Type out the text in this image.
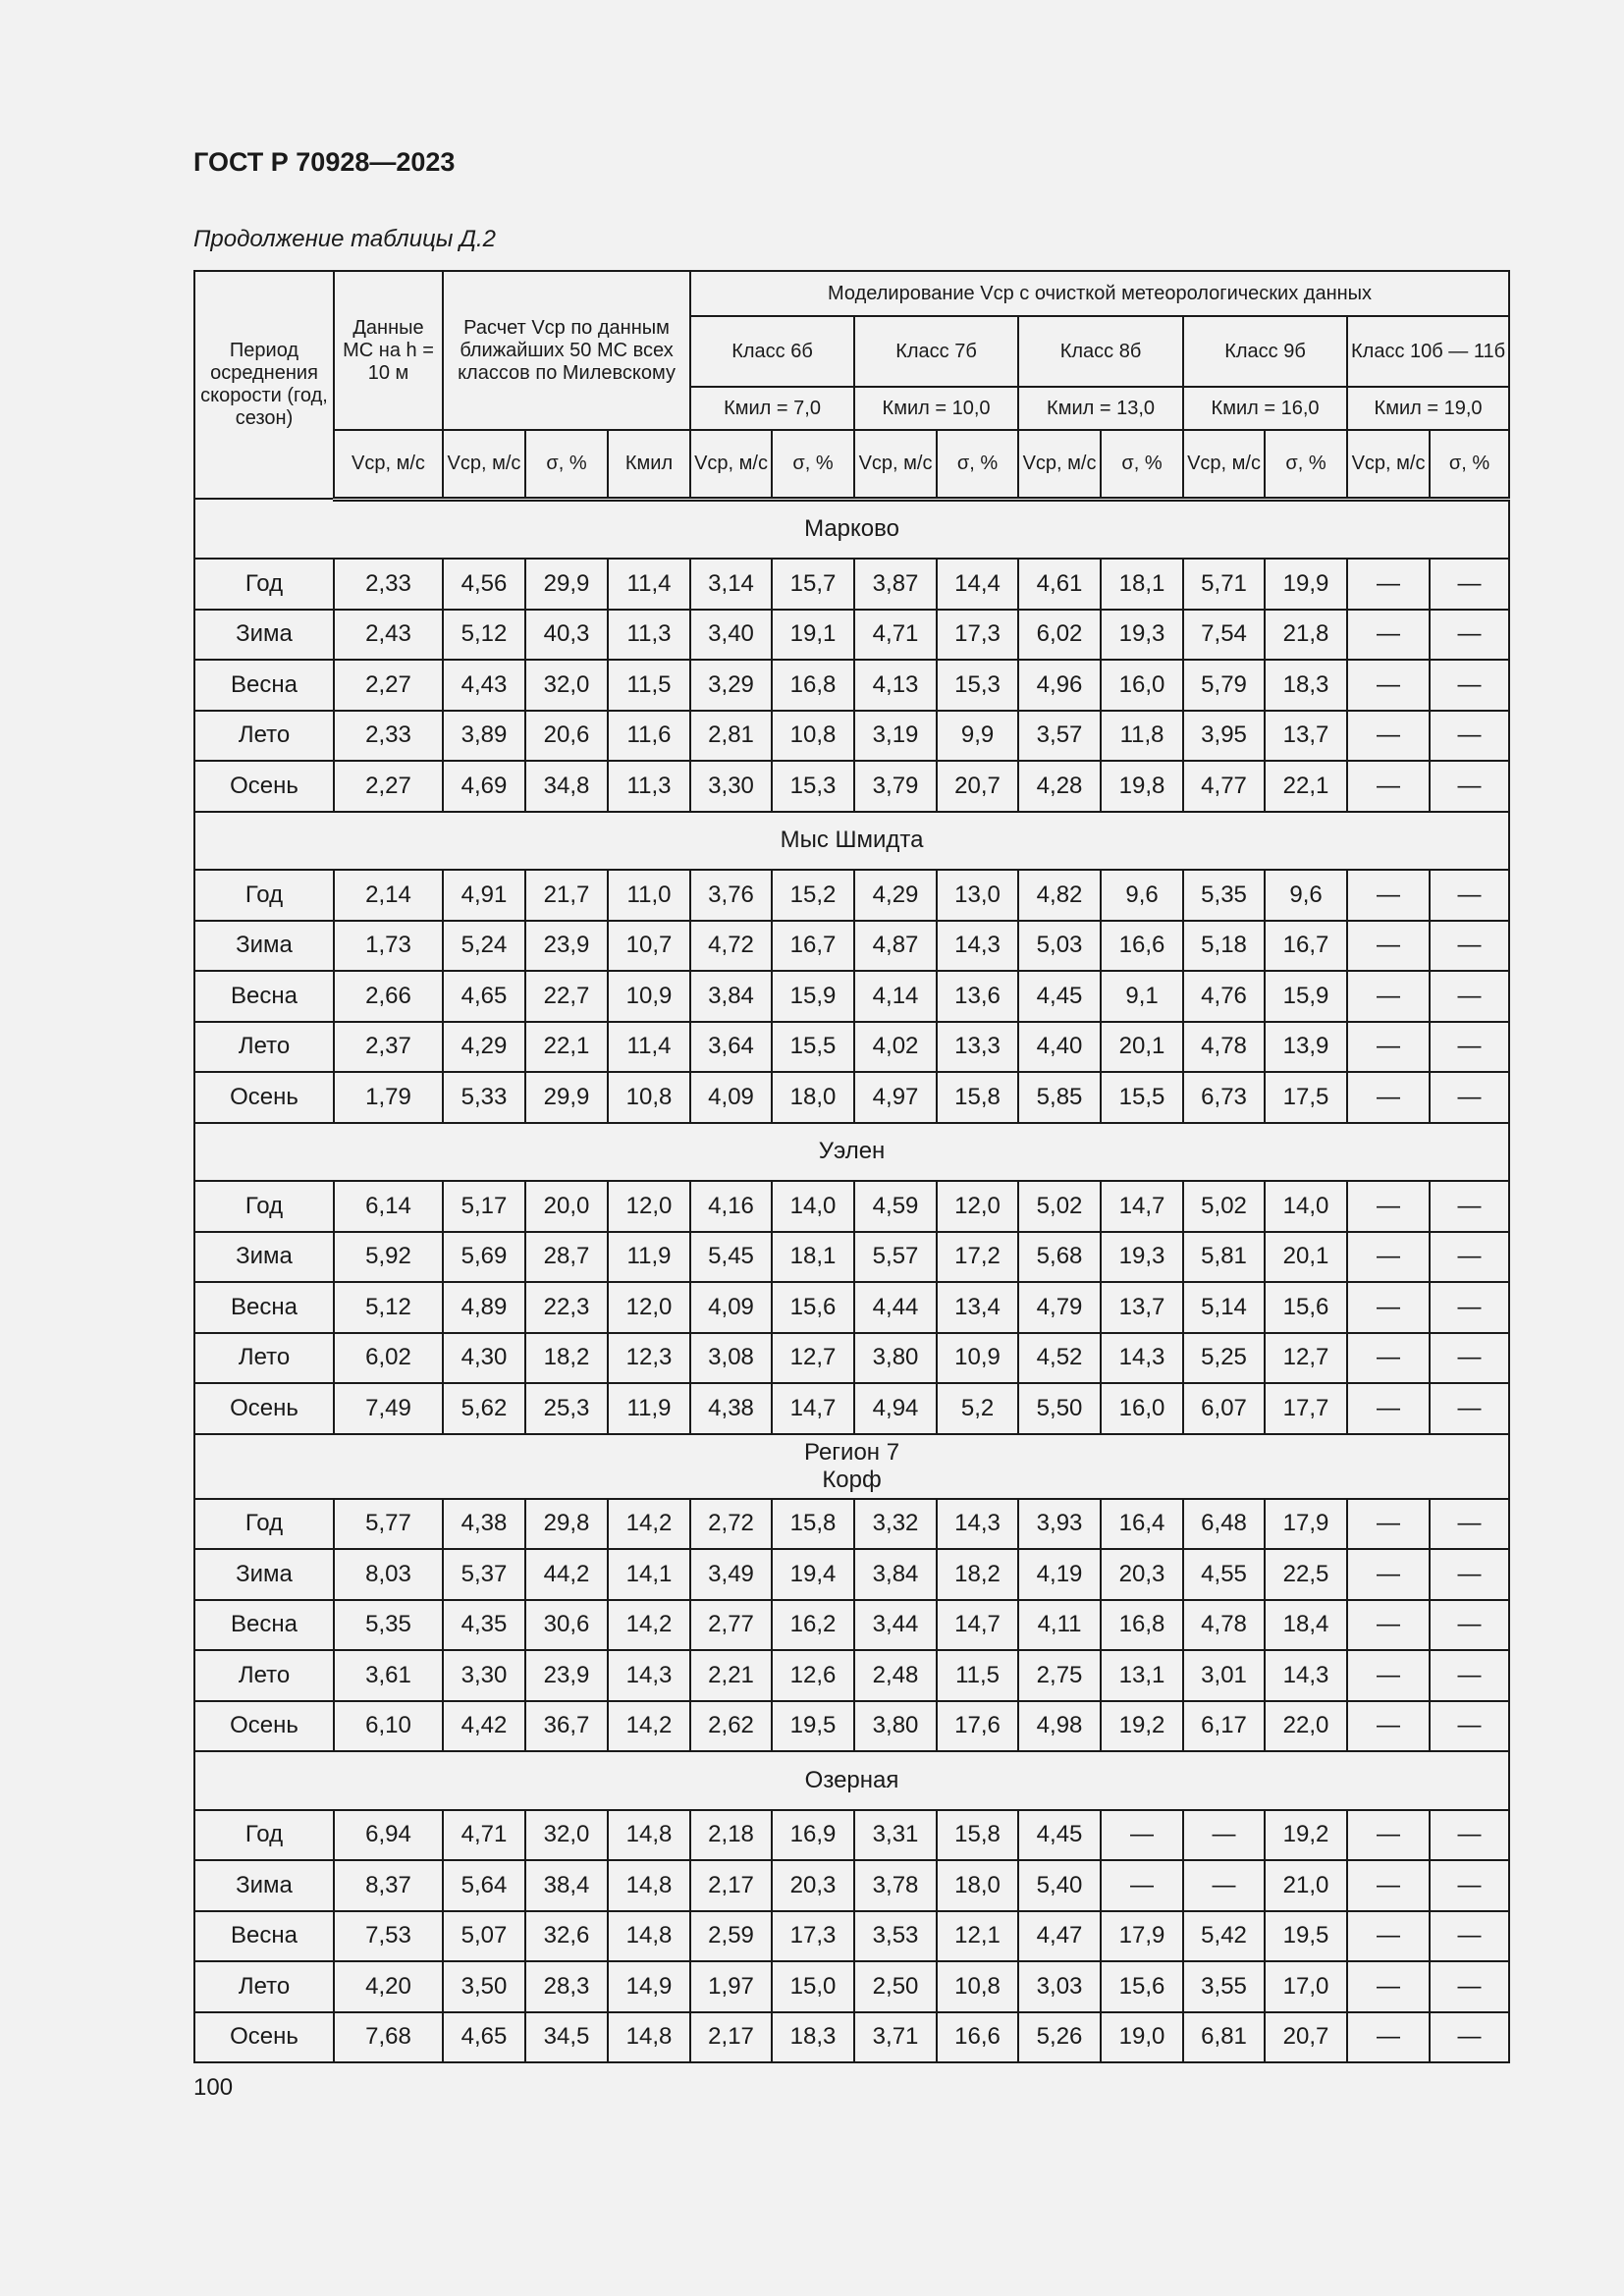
ГОСТ Р 70928—2023
Продолжение таблицы Д.2
Период осреднения скорости (год, сезон)	Данные МС на h = 10 м	Расчет Vср по данным ближайших 50 МС всех классов по Милевскому			Моделирование Vср с очисткой метеорологических данных									
					Класс 6б		Класс 7б		Класс 8б		Класс 9б		Класс 10б — 11б	
					Кмил = 7,0		Кмил = 10,0		Кмил = 13,0		Кмил = 16,0		Кмил = 19,0	
	Vср, м/с	Vср, м/с	σ, %	Кмил	Vср, м/с	σ, %	Vср, м/с	σ, %	Vср, м/с	σ, %	Vср, м/с	σ, %	Vср, м/с	σ, %

Марково														

Год	2,33	4,56	29,9	11,4	3,14	15,7	3,87	14,4	4,61	18,1	5,71	19,9	—	—
Зима	2,43	5,12	40,3	11,3	3,40	19,1	4,71	17,3	6,02	19,3	7,54	21,8	—	—
Весна	2,27	4,43	32,0	11,5	3,29	16,8	4,13	15,3	4,96	16,0	5,79	18,3	—	—
Лето	2,33	3,89	20,6	11,6	2,81	10,8	3,19	9,9	3,57	11,8	3,95	13,7	—	—
Осень	2,27	4,69	34,8	11,3	3,30	15,3	3,79	20,7	4,28	19,8	4,77	22,1	—	—

Мыс Шмидта														

Год	2,14	4,91	21,7	11,0	3,76	15,2	4,29	13,0	4,82	9,6	5,35	9,6	—	—
Зима	1,73	5,24	23,9	10,7	4,72	16,7	4,87	14,3	5,03	16,6	5,18	16,7	—	—
Весна	2,66	4,65	22,7	10,9	3,84	15,9	4,14	13,6	4,45	9,1	4,76	15,9	—	—
Лето	2,37	4,29	22,1	11,4	3,64	15,5	4,02	13,3	4,40	20,1	4,78	13,9	—	—
Осень	1,79	5,33	29,9	10,8	4,09	18,0	4,97	15,8	5,85	15,5	6,73	17,5	—	—

Уэлен														

Год	6,14	5,17	20,0	12,0	4,16	14,0	4,59	12,0	5,02	14,7	5,02	14,0	—	—
Зима	5,92	5,69	28,7	11,9	5,45	18,1	5,57	17,2	5,68	19,3	5,81	20,1	—	—
Весна	5,12	4,89	22,3	12,0	4,09	15,6	4,44	13,4	4,79	13,7	5,14	15,6	—	—
Лето	6,02	4,30	18,2	12,3	3,08	12,7	3,80	10,9	4,52	14,3	5,25	12,7	—	—
Осень	7,49	5,62	25,3	11,9	4,38	14,7	4,94	5,2	5,50	16,0	6,07	17,7	—	—

Регион 7
Корф														

Год	5,77	4,38	29,8	14,2	2,72	15,8	3,32	14,3	3,93	16,4	6,48	17,9	—	—
Зима	8,03	5,37	44,2	14,1	3,49	19,4	3,84	18,2	4,19	20,3	4,55	22,5	—	—
Весна	5,35	4,35	30,6	14,2	2,77	16,2	3,44	14,7	4,11	16,8	4,78	18,4	—	—
Лето	3,61	3,30	23,9	14,3	2,21	12,6	2,48	11,5	2,75	13,1	3,01	14,3	—	—
Осень	6,10	4,42	36,7	14,2	2,62	19,5	3,80	17,6	4,98	19,2	6,17	22,0	—	—

Озерная														

Год	6,94	4,71	32,0	14,8	2,18	16,9	3,31	15,8	4,45	—	—	19,2	—	—
Зима	8,37	5,64	38,4	14,8	2,17	20,3	3,78	18,0	5,40	—	—	21,0	—	—
Весна	7,53	5,07	32,6	14,8	2,59	17,3	3,53	12,1	4,47	17,9	5,42	19,5	—	—
Лето	4,20	3,50	28,3	14,9	1,97	15,0	2,50	10,8	3,03	15,6	3,55	17,0	—	—
Осень	7,68	4,65	34,5	14,8	2,17	18,3	3,71	16,6	5,26	19,0	6,81	20,7	—	—
100
